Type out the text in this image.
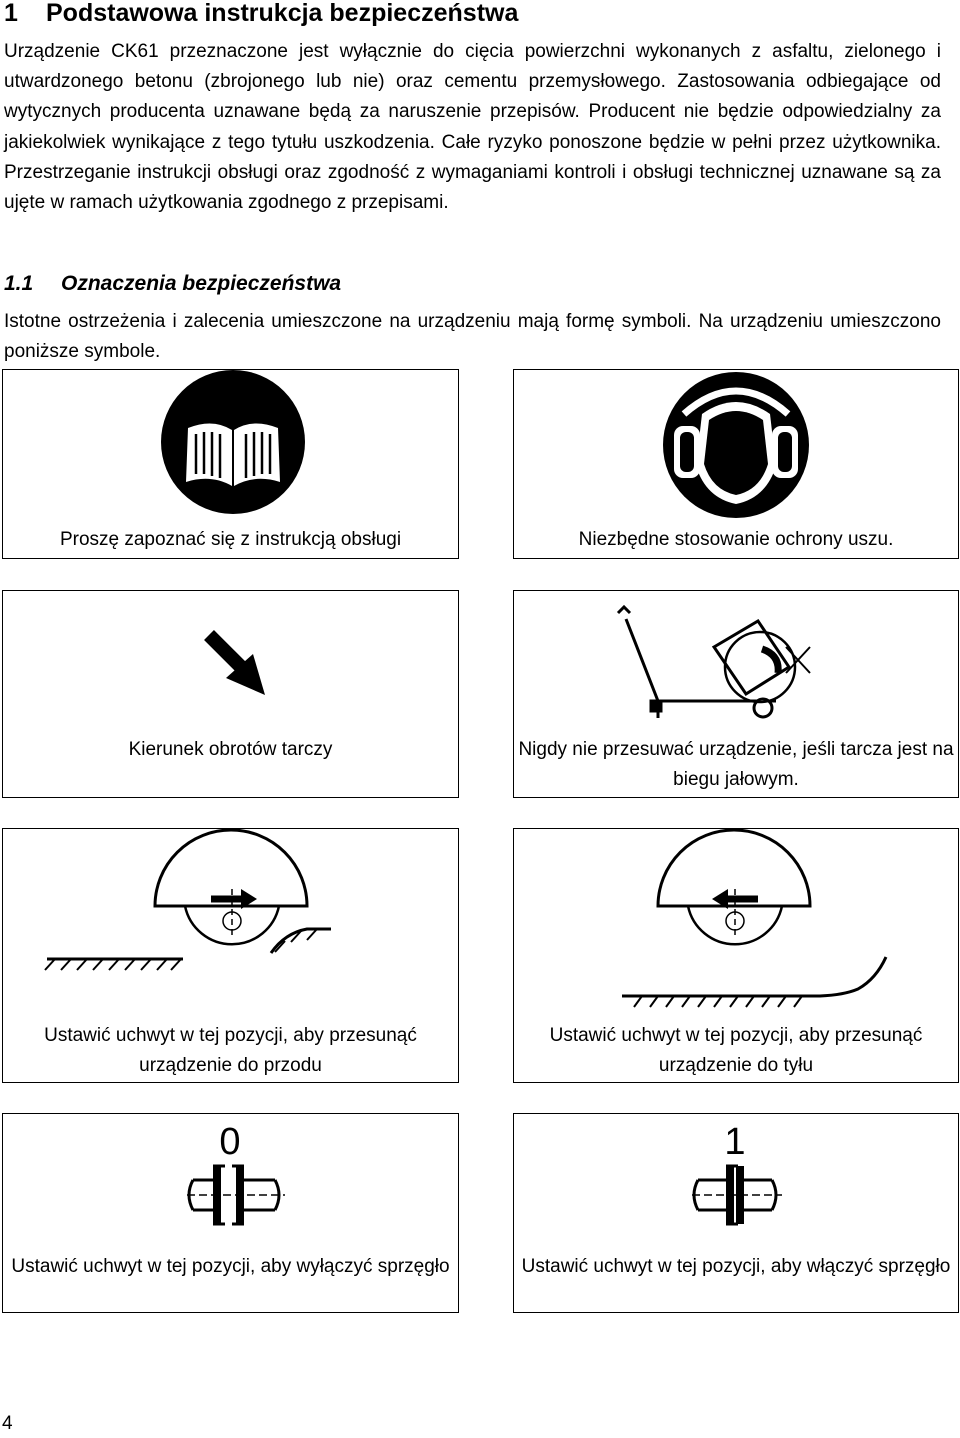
1 Podstawowa instrukcja bezpieczeństwa

Urządzenie CK61 przeznaczone jest wyłącznie do cięcia powierzchni wykonanych z asfaltu, zielonego i utwardzonego betonu (zbrojonego lub nie) oraz cementu przemysłowego. Zastosowania odbiegające od wytycznych producenta uznawane będą za naruszenie przepisów. Producent nie będzie odpowiedzialny za jakiekolwiek wynikające z tego tytułu uszkodzenia. Całe ryzyko ponoszone będzie w pełni przez użytkownika. Przestrzeganie instrukcji obsługi oraz zgodność z wymaganiami kontroli i obsługi technicznej uznawane są za ujęte w ramach użytkowania zgodnego z przepisami.

1.1 Oznaczenia bezpieczeństwa

Istotne ostrzeżenia i zalecenia umieszczone na urządzeniu mają formę symboli. Na urządzeniu umieszczono poniższe symbole.

Proszę zapoznać się z instrukcją obsługi	Niezbędne stosowanie ochrony uszu.

Kierunek obrotów tarczy	Nigdy nie przesuwać urządzenie, jeśli tarcza jest na biegu jałowym.

Ustawić uchwyt w tej pozycji, aby przesunąć urządzenie do przodu

Ustawić uchwyt w tej pozycji, aby przesunąć urządzenie do tyłu

0

Ustawić uchwyt w tej pozycji, aby wyłączyć sprzęgło

1

Ustawić uchwyt w tej pozycji, aby włączyć sprzęgło

4
